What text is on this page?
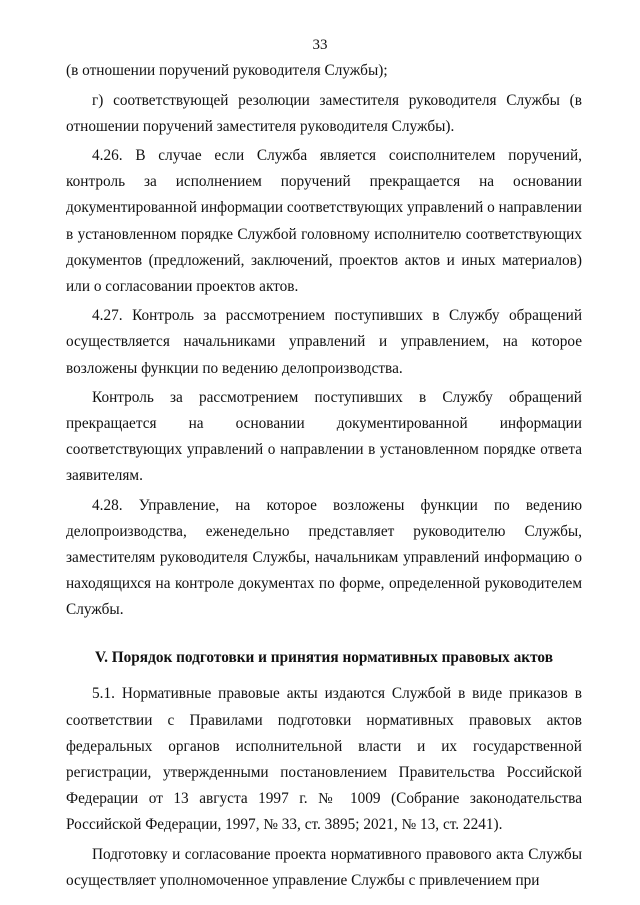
33

(в отношении поручений руководителя Службы);

г) соответствующей резолюции заместителя руководителя Службы (в отношении поручений заместителя руководителя Службы).

4.26. В случае если Служба является соисполнителем поручений, контроль за исполнением поручений прекращается на основании документированной информации соответствующих управлений о направлении в установленном порядке Службой головному исполнителю соответствующих документов (предложений, заключений, проектов актов и иных материалов) или о согласовании проектов актов.

4.27. Контроль за рассмотрением поступивших в Службу обращений осуществляется начальниками управлений и управлением, на которое возложены функции по ведению делопроизводства.

Контроль за рассмотрением поступивших в Службу обращений прекращается на основании документированной информации соответствующих управлений о направлении в установленном порядке ответа заявителям.

4.28. Управление, на которое возложены функции по ведению делопроизводства, еженедельно представляет руководителю Службы, заместителям руководителя Службы, начальникам управлений информацию о находящихся на контроле документах по форме, определенной руководителем Службы.

V. Порядок подготовки и принятия нормативных правовых актов

5.1. Нормативные правовые акты издаются Службой в виде приказов в соответствии с Правилами подготовки нормативных правовых актов федеральных органов исполнительной власти и их государственной регистрации, утвержденными постановлением Правительства Российской Федерации от 13 августа 1997 г. № 1009 (Собрание законодательства Российской Федерации, 1997, № 33, ст. 3895; 2021, № 13, ст. 2241).

Подготовку и согласование проекта нормативного правового акта Службы осуществляет уполномоченное управление Службы с привлечением при
